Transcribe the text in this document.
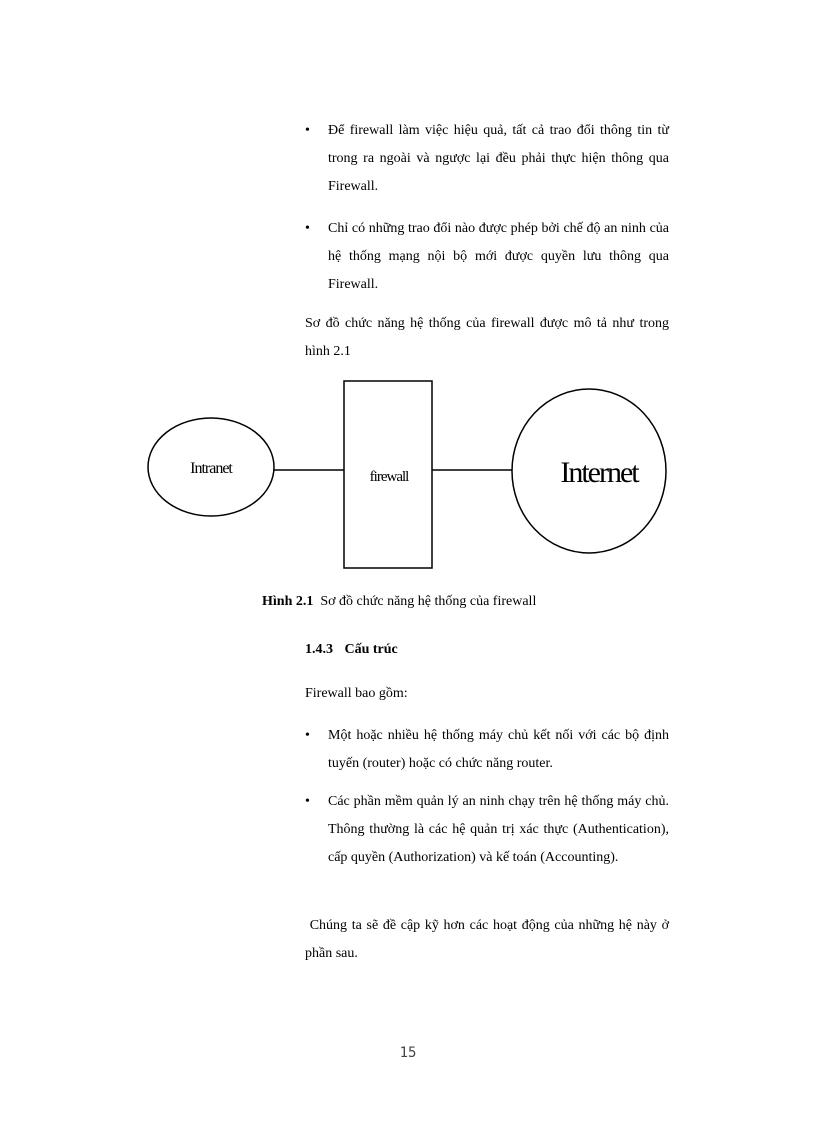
•	Để firewall làm việc hiệu quả, tất cả trao đổi thông tin từ trong ra ngoài và ngược lại đều phải thực hiện thông qua Firewall.
•	Chỉ có những trao đổi nào được phép bởi chế độ an ninh của hệ thống mạng nội bộ mới được quyền lưu thông qua Firewall.

Sơ đồ chức năng hệ thống của firewall được mô tả như trong hình 2.1

Intranet	firewall	Internet
Hình 2.1 Sơ đồ chức năng hệ thống của firewall
1.4.3 Cấu trúc

Firewall bao gồm:

•	Một hoặc nhiều hệ thống máy chủ kết nối với các bộ định tuyến (router) hoặc có chức năng router.
•	Các phần mềm quản lý an ninh chạy trên hệ thống máy chủ. Thông thường là các hệ quản trị xác thực (Authentication), cấp quyền (Authorization) và kế toán (Accounting).

Chúng ta sẽ đề cập kỹ hơn các hoạt động của những hệ này ở phần sau.

15
